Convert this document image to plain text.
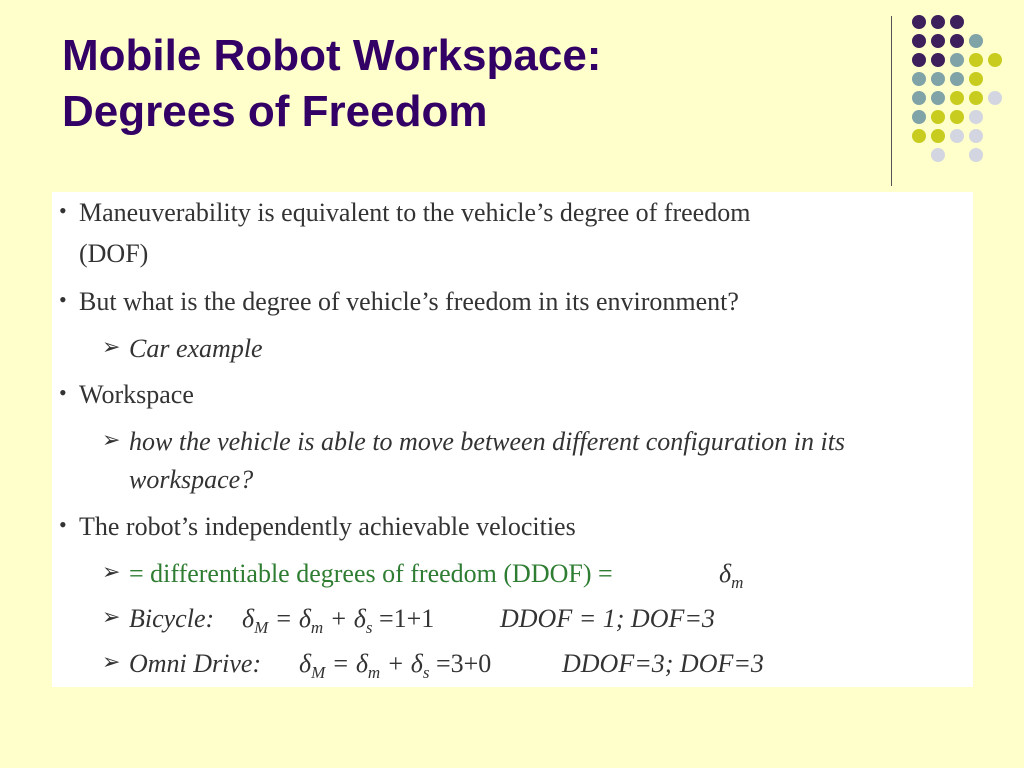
Mobile Robot Workspace:
Degrees of Freedom
• Maneuverability is equivalent to the vehicle’s degree of freedom
(DOF)
• But what is the degree of vehicle’s freedom in its environment?
➢ Car example
• Workspace
➢ how the vehicle is able to move between different configuration in its
workspace?
• The robot’s independently achievable velocities
➢ = differentiable degrees of freedom (DDOF) =	$\delta_m$
➢ Bicycle: $\delta_M = \delta_m + \delta_s =1+1$	DDOF = 1; DOF=3
➢ Omni Drive: $\delta_M = \delta_m + \delta_s =3+0$	DDOF=3; DOF=3
